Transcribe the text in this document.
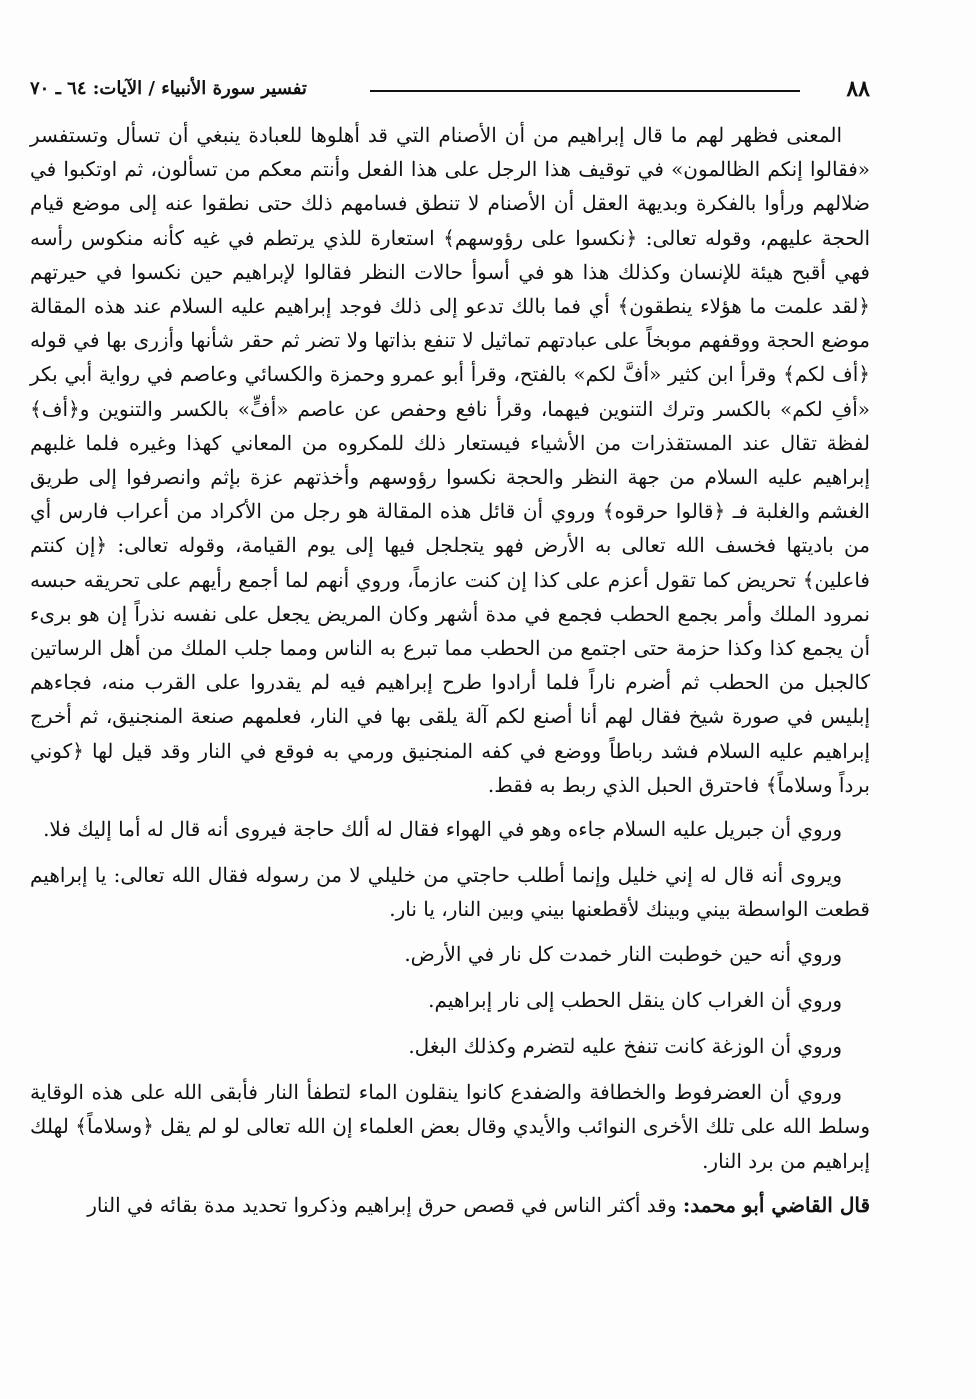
٨٨
تفسير سورة الأنبياء / الآيات: ٦٤ ـ ٧٠

المعنى فظهر لهم ما قال إبراهيم من أن الأصنام التي قد أهلوها للعبادة ينبغي أن تسأل وتستفسر «فقالوا إنكم الظالمون» في توقيف هذا الرجل على هذا الفعل وأنتم معكم من تسألون، ثم اوتكبوا في ضلالهم ورأوا بالفكرة وبديهة العقل أن الأصنام لا تنطق فسامهم ذلك حتى نطقوا عنه إلى موضع قيام الحجة عليهم، وقوله تعالى: ﴿نكسوا على رؤوسهم﴾ استعارة للذي يرتطم في غيه كأنه منكوس رأسه فهي أقبح هيئة للإنسان وكذلك هذا هو في أسوأ حالات النظر فقالوا لإبراهيم حين نكسوا في حيرتهم ﴿لقد علمت ما هؤلاء ينطقون﴾ أي فما بالك تدعو إلى ذلك فوجد إبراهيم عليه السلام عند هذه المقالة موضع الحجة ووقفهم موبخاً على عبادتهم تماثيل لا تنفع بذاتها ولا تضر ثم حقر شأنها وأزرى بها في قوله ﴿أف لكم﴾ وقرأ ابن كثير «أفَّ لكم» بالفتح، وقرأ أبو عمرو وحمزة والكسائي وعاصم في رواية أبي بكر «أفِ لكم» بالكسر وترك التنوين فيهما، وقرأ نافع وحفص عن عاصم «أفٍّ» بالكسر والتنوين و﴿أف﴾ لفظة تقال عند المستقذرات من الأشياء فيستعار ذلك للمكروه من المعاني كهذا وغيره فلما غلبهم إبراهيم عليه السلام من جهة النظر والحجة نكسوا رؤوسهم وأخذتهم عزة بإثم وانصرفوا إلى طريق الغشم والغلبة فـ ﴿قالوا حرقوه﴾ وروي أن قائل هذه المقالة هو رجل من الأكراد من أعراب فارس أي من باديتها فخسف الله تعالى به الأرض فهو يتجلجل فيها إلى يوم القيامة، وقوله تعالى: ﴿إن كنتم فاعلين﴾ تحريض كما تقول أعزم على كذا إن كنت عازماً، وروي أنهم لما أجمع رأيهم على تحريقه حبسه نمرود الملك وأمر بجمع الحطب فجمع في مدة أشهر وكان المريض يجعل على نفسه نذراً إن هو برىء أن يجمع كذا وكذا حزمة حتى اجتمع من الحطب مما تبرع به الناس ومما جلب الملك من أهل الرساتين كالجبل من الحطب ثم أضرم ناراً فلما أرادوا طرح إبراهيم فيه لم يقدروا على القرب منه، فجاءهم إبليس في صورة شيخ فقال لهم أنا أصنع لكم آلة يلقى بها في النار، فعلمهم صنعة المنجنيق، ثم أخرج إبراهيم عليه السلام فشد رباطاً ووضع في كفه المنجنيق ورمي به فوقع في النار وقد قيل لها ﴿كوني برداً وسلاماً﴾ فاحترق الحبل الذي ربط به فقط.

وروي أن جبريل عليه السلام جاءه وهو في الهواء فقال له ألك حاجة فيروى أنه قال له أما إليك فلا.

ويروى أنه قال له إني خليل وإنما أطلب حاجتي من خليلي لا من رسوله فقال الله تعالى: يا إبراهيم قطعت الواسطة بيني وبينك لأقطعنها بيني وبين النار، يا نار.

وروي أنه حين خوطبت النار خمدت كل نار في الأرض.

وروي أن الغراب كان ينقل الحطب إلى نار إبراهيم.

وروي أن الوزغة كانت تنفخ عليه لتضرم وكذلك البغل.

وروي أن العضرفوط والخطافة والضفدع كانوا ينقلون الماء لتطفأ النار فأبقى الله على هذه الوقاية وسلط الله على تلك الأخرى النوائب والأيدي وقال بعض العلماء إن الله تعالى لو لم يقل ﴿وسلاماً﴾ لهلك إبراهيم من برد النار.

قال القاضي أبو محمد: وقد أكثر الناس في قصص حرق إبراهيم وذكروا تحديد مدة بقائه في النار
